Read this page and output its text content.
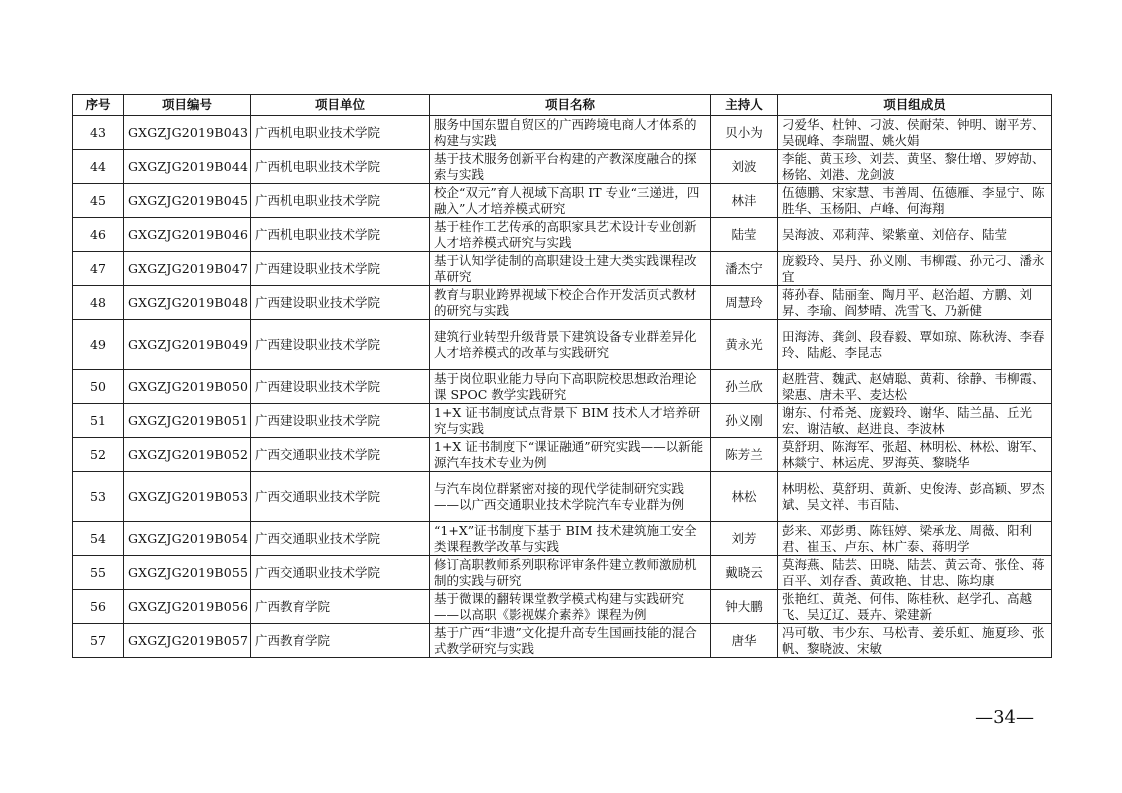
序号	项目编号	项目单位	项目名称	主持人	项目组成员
43	GXGZJG2019B043	广西机电职业技术学院	服务中国东盟自贸区的广西跨境电商人才体系的构建与实践	贝小为	刁爱华、杜钟、刁波、侯耐荣、钟明、谢平芳、吴砚峰、李瑞盟、姚火娟
44	GXGZJG2019B044	广西机电职业技术学院	基于技术服务创新平台构建的产教深度融合的探索与实践	刘波	李能、黄玉珍、刘芸、黄坚、黎仕增、罗婷劼、杨铭、刘港、龙剑波
45	GXGZJG2019B045	广西机电职业技术学院	校企“双元”育人视域下高职 IT 专业“三递进，四融入”人才培养模式研究	林沣	伍德鹏、宋家慧、韦善周、伍德雁、李显宁、陈胜华、玉杨阳、卢峰、何海翔
46	GXGZJG2019B046	广西机电职业技术学院	基于桂作工艺传承的高职家具艺术设计专业创新人才培养模式研究与实践	陆莹	吴海波、邓莉萍、梁紫童、刘倍存、陆莹
47	GXGZJG2019B047	广西建设职业技术学院	基于认知学徒制的高职建设土建大类实践课程改革研究	潘杰宁	庞毅玲、吴丹、孙义刚、韦柳霞、孙元刁、潘永宜
48	GXGZJG2019B048	广西建设职业技术学院	教育与职业跨界视域下校企合作开发活页式教材的研究与实践	周慧玲	蒋孙春、陆丽奎、陶月平、赵治超、方鹏、刘昇、李瑜、阎梦晴、冼雪飞、乃新健
49	GXGZJG2019B049	广西建设职业技术学院	建筑行业转型升级背景下建筑设备专业群差异化人才培养模式的改革与实践研究	黄永光	田海涛、龚剑、段春毅、覃如琼、陈秋涛、李春玲、陆彪、李昆志
50	GXGZJG2019B050	广西建设职业技术学院	基于岗位职业能力导向下高职院校思想政治理论课 SPOC 教学实践研究	孙兰欣	赵胜营、魏武、赵婧聪、黄莉、徐静、韦柳霞、梁惠、唐未平、麦达松
51	GXGZJG2019B051	广西建设职业技术学院	1+X 证书制度试点背景下 BIM 技术人才培养研究与实践	孙义刚	谢东、付希尧、庞毅玲、谢华、陆兰晶、丘光宏、谢洁敏、赵进良、李波林
52	GXGZJG2019B052	广西交通职业技术学院	1+X 证书制度下“课证融通”研究实践——以新能源汽车技术专业为例	陈芳兰	莫舒玥、陈海军、张超、林明松、林松、谢军、林燚宁、林运虎、罗海英、黎晓华
53	GXGZJG2019B053	广西交通职业技术学院	与汽车岗位群紧密对接的现代学徒制研究实践——以广西交通职业技术学院汽车专业群为例	林松	林明松、莫舒玥、黄新、史俊涛、彭高颖、罗杰斌、吴文祥、韦百陆、
54	GXGZJG2019B054	广西交通职业技术学院	“1+X”证书制度下基于 BIM 技术建筑施工安全类课程教学改革与实践	刘芳	彭来、邓彭勇、陈钰婷、梁承龙、周薇、阳利君、崔玉、卢东、林广泰、蒋明学
55	GXGZJG2019B055	广西交通职业技术学院	修订高职教师系列职称评审条件建立教师激励机制的实践与研究	戴晓云	莫海燕、陆芸、田晓、陆芸、黄云奇、张佺、蒋百平、刘存香、黄政艳、甘忠、陈均康
56	GXGZJG2019B056	广西教育学院	基于微课的翻转课堂教学模式构建与实践研究——以高职《影视媒介素养》课程为例	钟大鹏	张艳红、黄尧、何伟、陈桂秋、赵学孔、高越飞、吴辽辽、聂卉、梁建新
57	GXGZJG2019B057	广西教育学院	基于广西“非遗”文化提升高专生国画技能的混合式教学研究与实践	唐华	冯可敬、韦少东、马松青、姜乐虹、施夏珍、张帆、黎晓波、宋敏
—34—
